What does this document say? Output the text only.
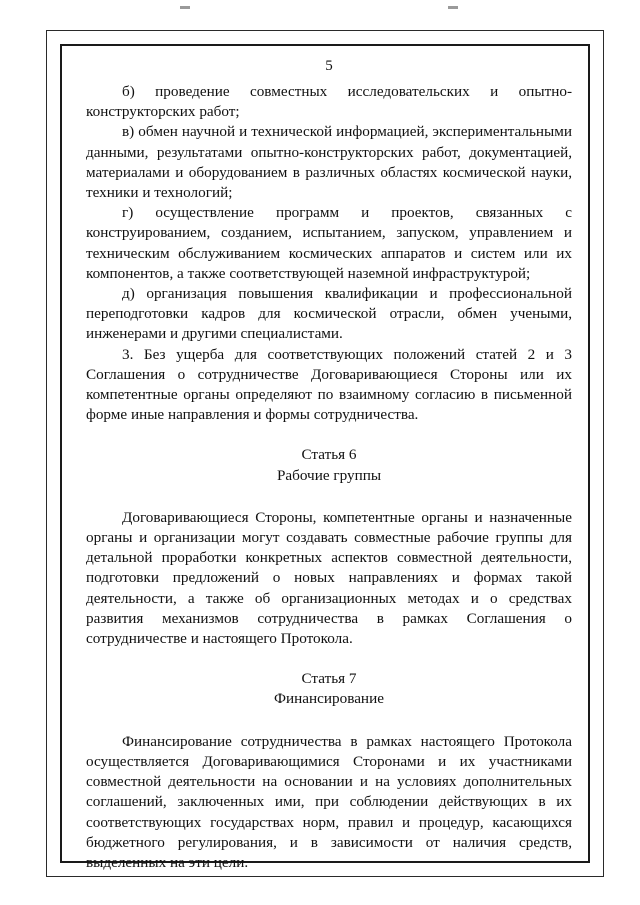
5

б) проведение совместных исследовательских и опытно-конструкторских работ;

в) обмен научной и технической информацией, экспериментальными данными, результатами опытно-конструкторских работ, документацией, материалами и оборудованием в различных областях космической науки, техники и технологий;

г) осуществление программ и проектов, связанных с конструированием, созданием, испытанием, запуском, управлением и техническим обслуживанием космических аппаратов и систем или их компонентов, а также соответствующей наземной инфраструктурой;

д) организация повышения квалификации и профессиональной переподготовки кадров для космической отрасли, обмен учеными, инженерами и другими специалистами.

3. Без ущерба для соответствующих положений статей 2 и 3 Соглашения о сотрудничестве Договаривающиеся Стороны или их компетентные органы определяют по взаимному согласию в письменной форме иные направления и формы сотрудничества.

Статья 6

Рабочие группы

Договаривающиеся Стороны, компетентные органы и назначенные органы и организации могут создавать совместные рабочие группы для детальной проработки конкретных аспектов совместной деятельности, подготовки предложений о новых направлениях и формах такой деятельности, а также об организационных методах и о средствах развития механизмов сотрудничества в рамках Соглашения о сотрудничестве и настоящего Протокола.

Статья 7

Финансирование

Финансирование сотрудничества в рамках настоящего Протокола осуществляется Договаривающимися Сторонами и их участниками совместной деятельности на основании и на условиях дополнительных соглашений, заключенных ими, при соблюдении действующих в их соответствующих государствах норм, правил и процедур, касающихся бюджетного регулирования, и в зависимости от наличия средств, выделенных на эти цели.
